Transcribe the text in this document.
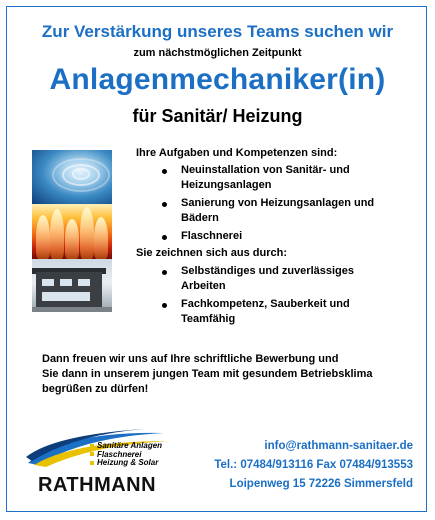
Zur Verstärkung unseres Teams suchen wir
zum nächstmöglichen Zeitpunkt
Anlagenmechaniker(in)
für Sanitär/ Heizung
Ihre Aufgaben und Kompetenzen sind:
Neuinstallation von Sanitär- und
Heizungsanlagen
Sanierung von Heizungsanlagen und
Bädern
Flaschnerei
Sie zeichnen sich aus durch:
Selbständiges und zuverlässiges
Arbeiten
Fachkompetenz, Sauberkeit und
Teamfähig
Dann freuen wir uns auf Ihre schriftliche Bewerbung und
Sie dann in unserem jungen Team mit gesundem Betriebsklima
begrüßen zu dürfen!
Sanitäre Anlagen
Flaschnerei
Heizung & Solar
RATHMANN
info@rathmann-sanitaer.de
Tel.: 07484/913116 Fax 07484/913553
Loipenweg 15 72226 Simmersfeld
